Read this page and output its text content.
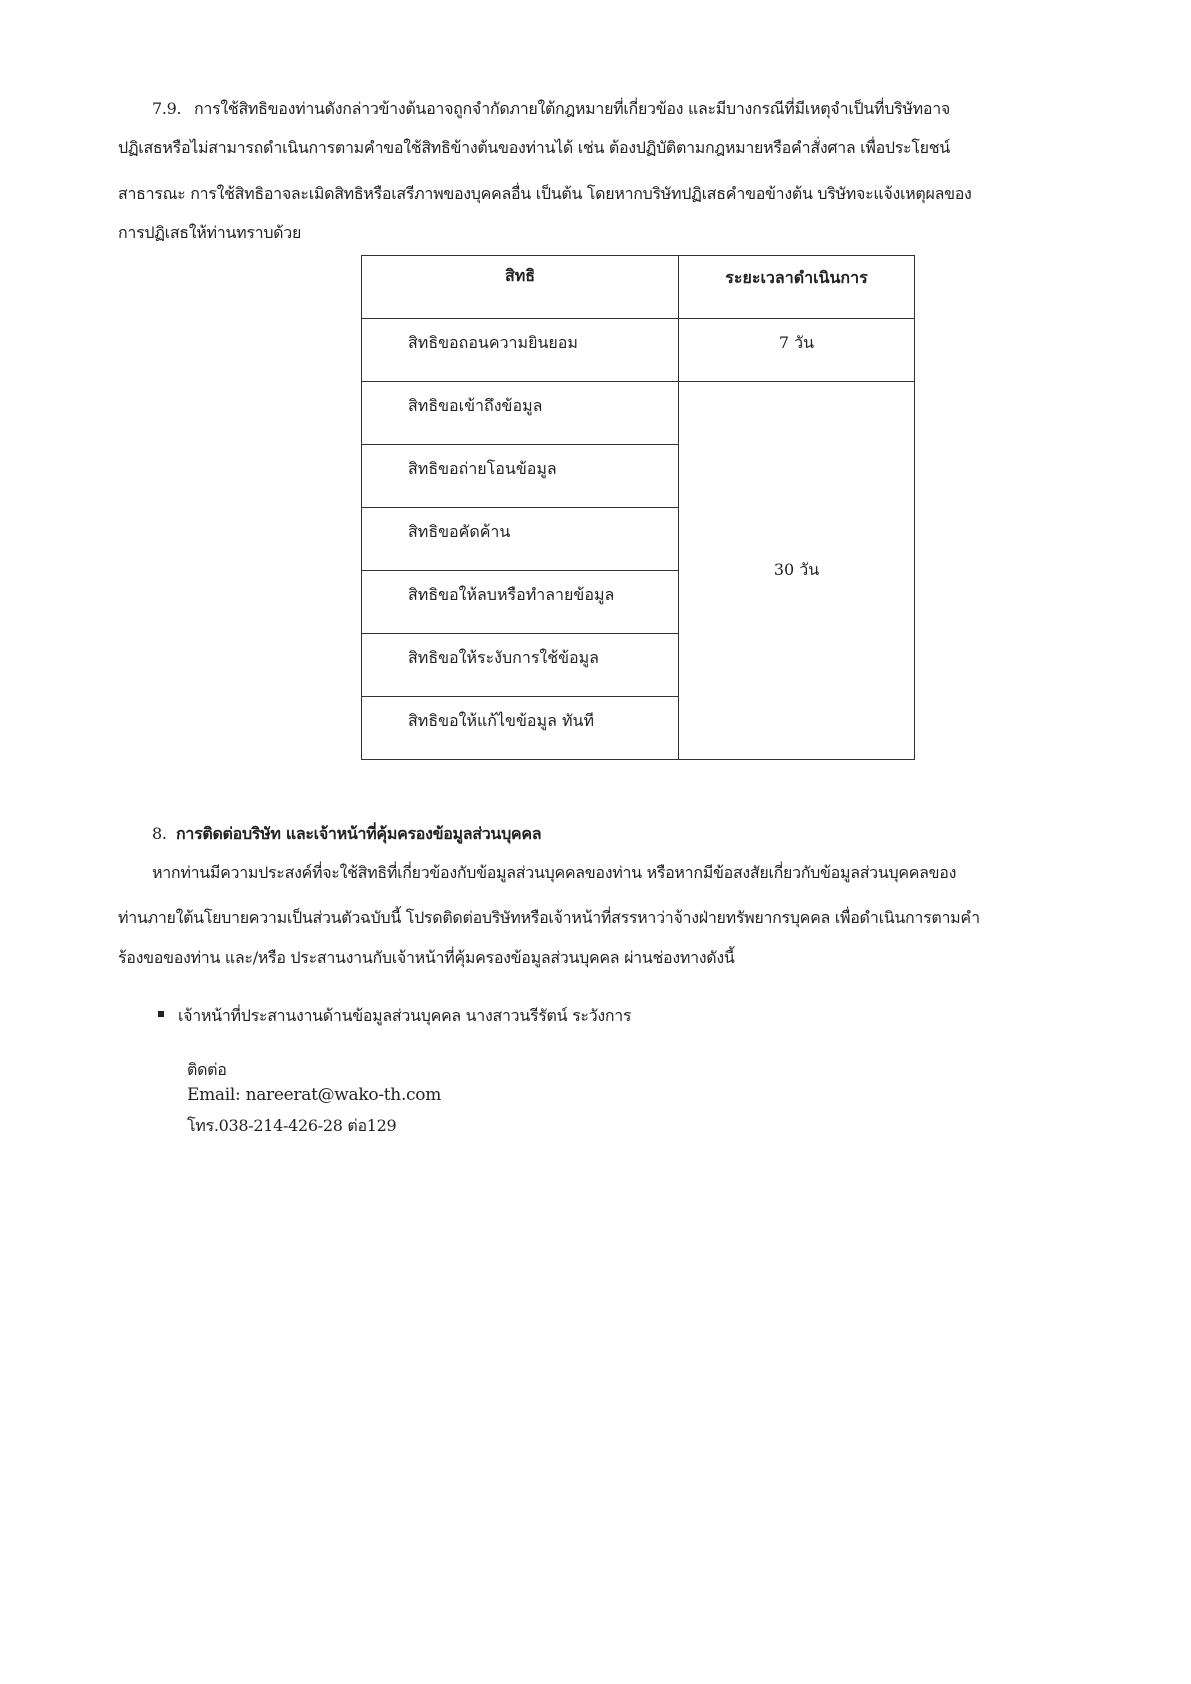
7.9. การใช้สิทธิของท่านดังกล่าวข้างต้นอาจถูกจำกัดภายใต้กฎหมายที่เกี่ยวข้อง และมีบางกรณีที่มีเหตุจำเป็นที่บริษัทอาจ
ปฏิเสธหรือไม่สามารถดำเนินการตามคำขอใช้สิทธิข้างต้นของท่านได้ เช่น ต้องปฏิบัติตามกฎหมายหรือคำสั่งศาล เพื่อประโยชน์
สาธารณะ การใช้สิทธิอาจละเมิดสิทธิหรือเสรีภาพของบุคคลอื่น เป็นต้น โดยหากบริษัทปฏิเสธคำขอข้างต้น บริษัทจะแจ้งเหตุผลของ
การปฏิเสธให้ท่านทราบด้วย
สิทธิ	ระยะเวลาดำเนินการ
สิทธิขอถอนความยินยอม	7 วัน
สิทธิขอเข้าถึงข้อมูล	30 วัน
สิทธิขอถ่ายโอนข้อมูล	
สิทธิขอคัดค้าน	
สิทธิขอให้ลบหรือทำลายข้อมูล	
สิทธิขอให้ระงับการใช้ข้อมูล	
สิทธิขอให้แก้ไขข้อมูล ทันที	
8. การติดต่อบริษัท และเจ้าหน้าที่คุ้มครองข้อมูลส่วนบุคคล
หากท่านมีความประสงค์ที่จะใช้สิทธิที่เกี่ยวข้องกับข้อมูลส่วนบุคคลของท่าน หรือหากมีข้อสงสัยเกี่ยวกับข้อมูลส่วนบุคคลของ
ท่านภายใต้นโยบายความเป็นส่วนตัวฉบับนี้ โปรดติดต่อบริษัทหรือเจ้าหน้าที่สรรหาว่าจ้างฝ่ายทรัพยากรบุคคล เพื่อดำเนินการตามคำ
ร้องขอของท่าน และ/หรือ ประสานงานกับเจ้าหน้าที่คุ้มครองข้อมูลส่วนบุคคล ผ่านช่องทางดังนี้
เจ้าหน้าที่ประสานงานด้านข้อมูลส่วนบุคคล นางสาวนรีรัตน์ ระวังการ
ติดต่อ
Email: nareerat@wako-th.com
โทร.038-214-426-28 ต่อ129
